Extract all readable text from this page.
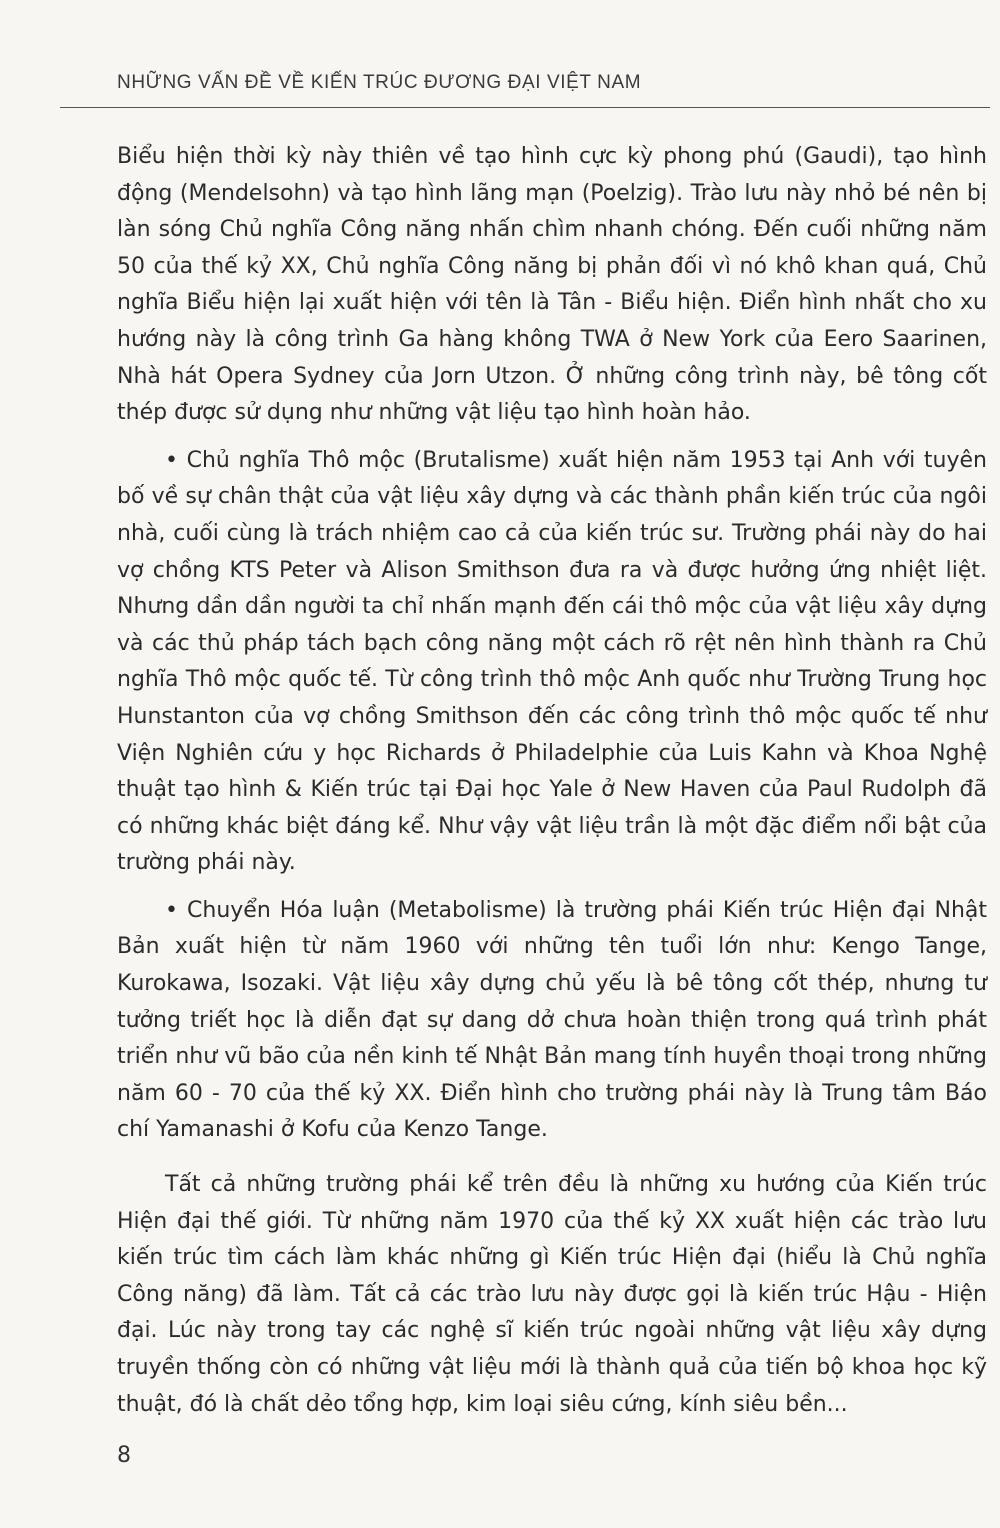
NHỮNG VẤN ĐỀ VỀ KIẾN TRÚC ĐƯƠNG ĐẠI VIỆT NAM

Biểu hiện thời kỳ này thiên về tạo hình cực kỳ phong phú (Gaudi), tạo hình động (Mendelsohn) và tạo hình lãng mạn (Poelzig). Trào lưu này nhỏ bé nên bị làn sóng Chủ nghĩa Công năng nhấn chìm nhanh chóng. Đến cuối những năm 50 của thế kỷ XX, Chủ nghĩa Công năng bị phản đối vì nó khô khan quá, Chủ nghĩa Biểu hiện lại xuất hiện với tên là Tân - Biểu hiện. Điển hình nhất cho xu hướng này là công trình Ga hàng không TWA ở New York của Eero Saarinen, Nhà hát Opera Sydney của Jorn Utzon. Ở những công trình này, bê tông cốt thép được sử dụng như những vật liệu tạo hình hoàn hảo.

• Chủ nghĩa Thô mộc (Brutalisme) xuất hiện năm 1953 tại Anh với tuyên bố về sự chân thật của vật liệu xây dựng và các thành phần kiến trúc của ngôi nhà, cuối cùng là trách nhiệm cao cả của kiến trúc sư. Trường phái này do hai vợ chồng KTS Peter và Alison Smithson đưa ra và được hưởng ứng nhiệt liệt. Nhưng dần dần người ta chỉ nhấn mạnh đến cái thô mộc của vật liệu xây dựng và các thủ pháp tách bạch công năng một cách rõ rệt nên hình thành ra Chủ nghĩa Thô mộc quốc tế. Từ công trình thô mộc Anh quốc như Trường Trung học Hunstanton của vợ chồng Smithson đến các công trình thô mộc quốc tế như Viện Nghiên cứu y học Richards ở Philadelphie của Luis Kahn và Khoa Nghệ thuật tạo hình & Kiến trúc tại Đại học Yale ở New Haven của Paul Rudolph đã có những khác biệt đáng kể. Như vậy vật liệu trần là một đặc điểm nổi bật của trường phái này.

• Chuyển Hóa luận (Metabolisme) là trường phái Kiến trúc Hiện đại Nhật Bản xuất hiện từ năm 1960 với những tên tuổi lớn như: Kengo Tange, Kurokawa, Isozaki. Vật liệu xây dựng chủ yếu là bê tông cốt thép, nhưng tư tưởng triết học là diễn đạt sự dang dở chưa hoàn thiện trong quá trình phát triển như vũ bão của nền kinh tế Nhật Bản mang tính huyền thoại trong những năm 60 - 70 của thế kỷ XX. Điển hình cho trường phái này là Trung tâm Báo chí Yamanashi ở Kofu của Kenzo Tange.

Tất cả những trường phái kể trên đều là những xu hướng của Kiến trúc Hiện đại thế giới. Từ những năm 1970 của thế kỷ XX xuất hiện các trào lưu kiến trúc tìm cách làm khác những gì Kiến trúc Hiện đại (hiểu là Chủ nghĩa Công năng) đã làm. Tất cả các trào lưu này được gọi là kiến trúc Hậu - Hiện đại. Lúc này trong tay các nghệ sĩ kiến trúc ngoài những vật liệu xây dựng truyền thống còn có những vật liệu mới là thành quả của tiến bộ khoa học kỹ thuật, đó là chất dẻo tổng hợp, kim loại siêu cứng, kính siêu bền...

8
